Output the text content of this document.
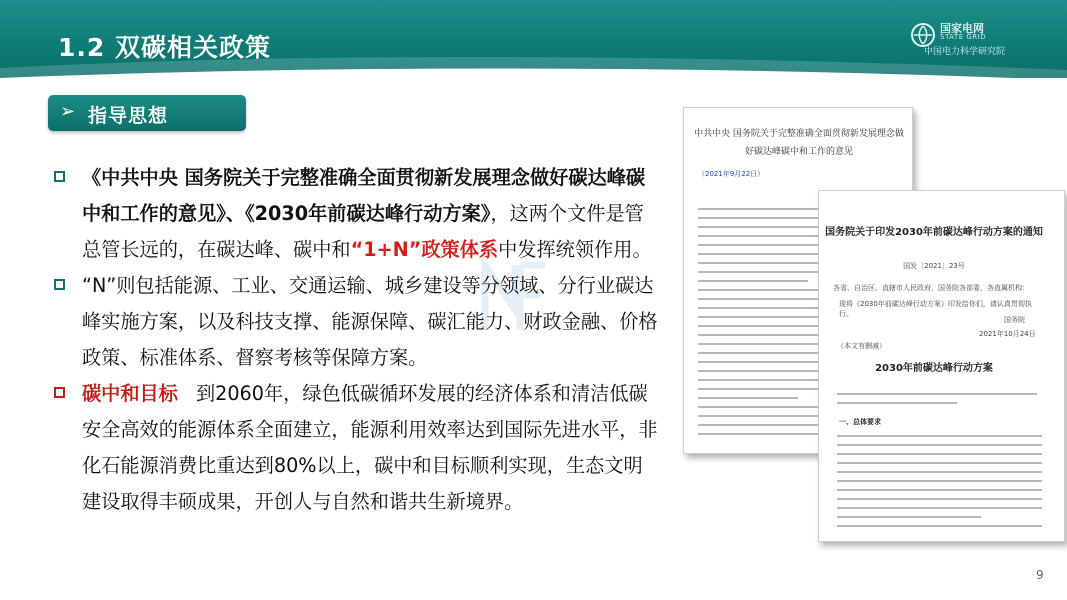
1.2 双碳相关政策
国家电网
STATE GRID
中国电力科学研究院
➢ 指导思想
《中共中央 国务院关于完整准确全面贯彻新发展理念做好碳达峰碳中和工作的意见》、《2030年前碳达峰行动方案》，这两个文件是管总管长远的，在碳达峰、碳中和“1+N”政策体系中发挥统领作用。
“N”则包括能源、工业、交通运输、城乡建设等分领域、分行业碳达峰实施方案，以及科技支撑、能源保障、碳汇能力、财政金融、价格政策、标准体系、督察考核等保障方案。
碳中和目标 到2060年，绿色低碳循环发展的经济体系和清洁低碳安全高效的能源体系全面建立，能源利用效率达到国际先进水平，非化石能源消费比重达到80%以上，碳中和目标顺利实现，生态文明建设取得丰硕成果，开创人与自然和谐共生新境界。
中共中央 国务院关于完整准确全面贯彻新发展理念做好碳达峰碳中和工作的意见
（2021年9月22日）
国务院关于印发2030年前碳达峰行动方案的通知
国发〔2021〕23号
各省、自治区、直辖市人民政府，国务院各部委、各直属机构：
现将《2030年前碳达峰行动方案》印发给你们，请认真贯彻执行。
国务院
2021年10月24日
（本文有删减）
2030年前碳达峰行动方案
一、总体要求
9
